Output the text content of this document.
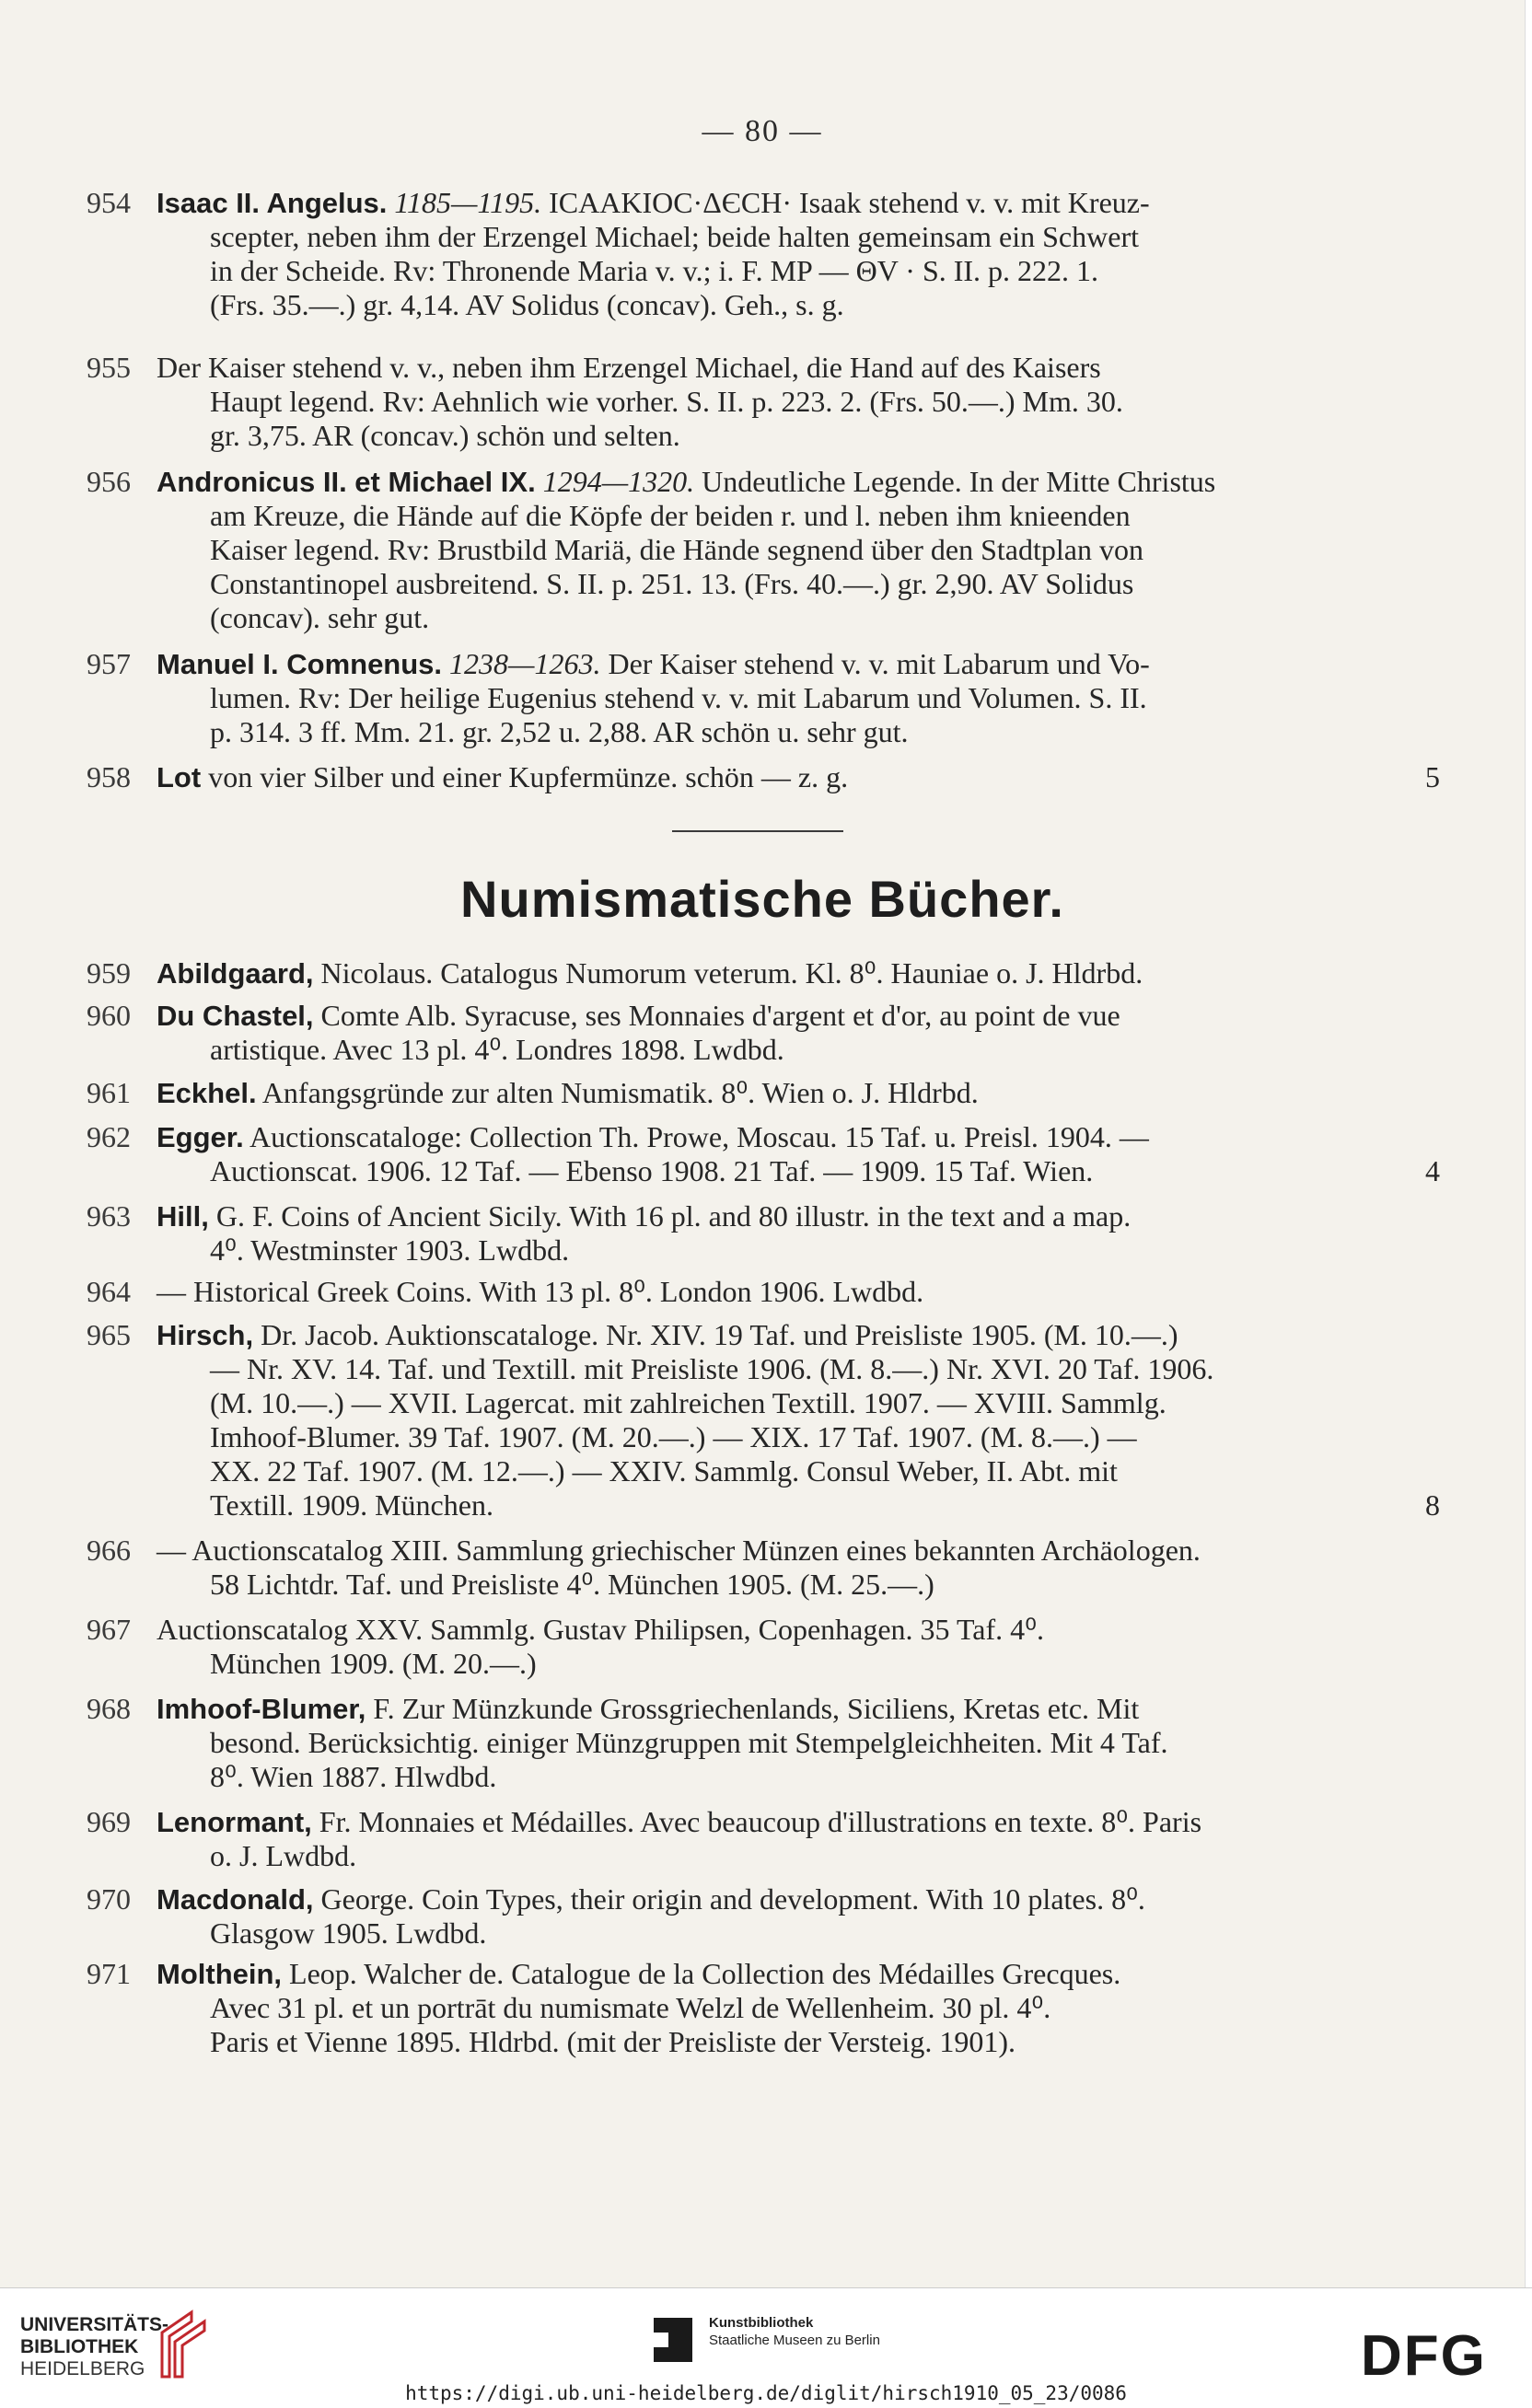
— 80 —
954 Isaac II. Angelus. 1185—1195. ICAAKIOC·ΔЄCH· Isaak stehend v. v. mit Kreuz-
scepter, neben ihm der Erzengel Michael; beide halten gemeinsam ein Schwert
in der Scheide. Rv: Thronende Maria v. v.; i. F. MP — ΘV · S. II. p. 222. 1.
(Frs. 35.—.) gr. 4,14. AV Solidus (concav). Geh., s. g.
955 Der Kaiser stehend v. v., neben ihm Erzengel Michael, die Hand auf des Kaisers
Haupt legend. Rv: Aehnlich wie vorher. S. II. p. 223. 2. (Frs. 50.—.) Mm. 30.
gr. 3,75. AR (concav.) schön und selten.
956 Andronicus II. et Michael IX. 1294—1320. Undeutliche Legende. In der Mitte Christus
am Kreuze, die Hände auf die Köpfe der beiden r. und l. neben ihm knieenden
Kaiser legend. Rv: Brustbild Mariä, die Hände segnend über den Stadtplan von
Constantinopel ausbreitend. S. II. p. 251. 13. (Frs. 40.—.) gr. 2,90. AV Solidus
(concav). sehr gut.
957 Manuel I. Comnenus. 1238—1263. Der Kaiser stehend v. v. mit Labarum und Vo-
lumen. Rv: Der heilige Eugenius stehend v. v. mit Labarum und Volumen. S. II.
p. 314. 3 ff. Mm. 21. gr. 2,52 u. 2,88. AR schön u. sehr gut.
5
958 Lot von vier Silber und einer Kupfermünze. schön — z. g.
Numismatische Bücher.
959 Abildgaard, Nicolaus. Catalogus Numorum veterum. Kl. 8⁰. Hauniae o. J. Hldrbd.
960 Du Chastel, Comte Alb. Syracuse, ses Monnaies d'argent et d'or, au point de vue
artistique. Avec 13 pl. 4⁰. Londres 1898. Lwdbd.
961 Eckhel. Anfangsgründe zur alten Numismatik. 8⁰. Wien o. J. Hldrbd.
962 Egger. Auctionscataloge: Collection Th. Prowe, Moscau. 15 Taf. u. Preisl. 1904. —
4
Auctionscat. 1906. 12 Taf. — Ebenso 1908. 21 Taf. — 1909. 15 Taf. Wien.
963 Hill, G. F. Coins of Ancient Sicily. With 16 pl. and 80 illustr. in the text and a map.
4⁰. Westminster 1903. Lwdbd.
964 — Historical Greek Coins. With 13 pl. 8⁰. London 1906. Lwdbd.
965 Hirsch, Dr. Jacob. Auktionscataloge. Nr. XIV. 19 Taf. und Preisliste 1905. (M. 10.—.)
— Nr. XV. 14. Taf. und Textill. mit Preisliste 1906. (M. 8.—.) Nr. XVI. 20 Taf. 1906.
(M. 10.—.) — XVII. Lagercat. mit zahlreichen Textill. 1907. — XVIII. Sammlg.
Imhoof-Blumer. 39 Taf. 1907. (M. 20.—.) — XIX. 17 Taf. 1907. (M. 8.—.) —
XX. 22 Taf. 1907. (M. 12.—.) — XXIV. Sammlg. Consul Weber, II. Abt. mit
8
Textill. 1909. München.
966 — Auctionscatalog XIII. Sammlung griechischer Münzen eines bekannten Archäologen.
58 Lichtdr. Taf. und Preisliste 4⁰. München 1905. (M. 25.—.)
967 Auctionscatalog XXV. Sammlg. Gustav Philipsen, Copenhagen. 35 Taf. 4⁰.
München 1909. (M. 20.—.)
968 Imhoof-Blumer, F. Zur Münzkunde Grossgriechenlands, Siciliens, Kretas etc. Mit
besond. Berücksichtig. einiger Münzgruppen mit Stempelgleichheiten. Mit 4 Taf.
8⁰. Wien 1887. Hlwdbd.
969 Lenormant, Fr. Monnaies et Médailles. Avec beaucoup d'illustrations en texte. 8⁰. Paris
o. J. Lwdbd.
970 Macdonald, George. Coin Types, their origin and development. With 10 plates. 8⁰.
Glasgow 1905. Lwdbd.
971 Molthein, Leop. Walcher de. Catalogue de la Collection des Médailles Grecques.
Avec 31 pl. et un portrāt du numismate Welzl de Wellenheim. 30 pl. 4⁰.
Paris et Vienne 1895. Hldrbd. (mit der Preisliste der Versteig. 1901).
UNIVERSITÄTS-
BIBLIOTHEK
HEIDELBERG
Kunstbibliothek
Staatliche Museen zu Berlin	DFG
https://digi.ub.uni-heidelberg.de/diglit/hirsch1910_05_23/0086
